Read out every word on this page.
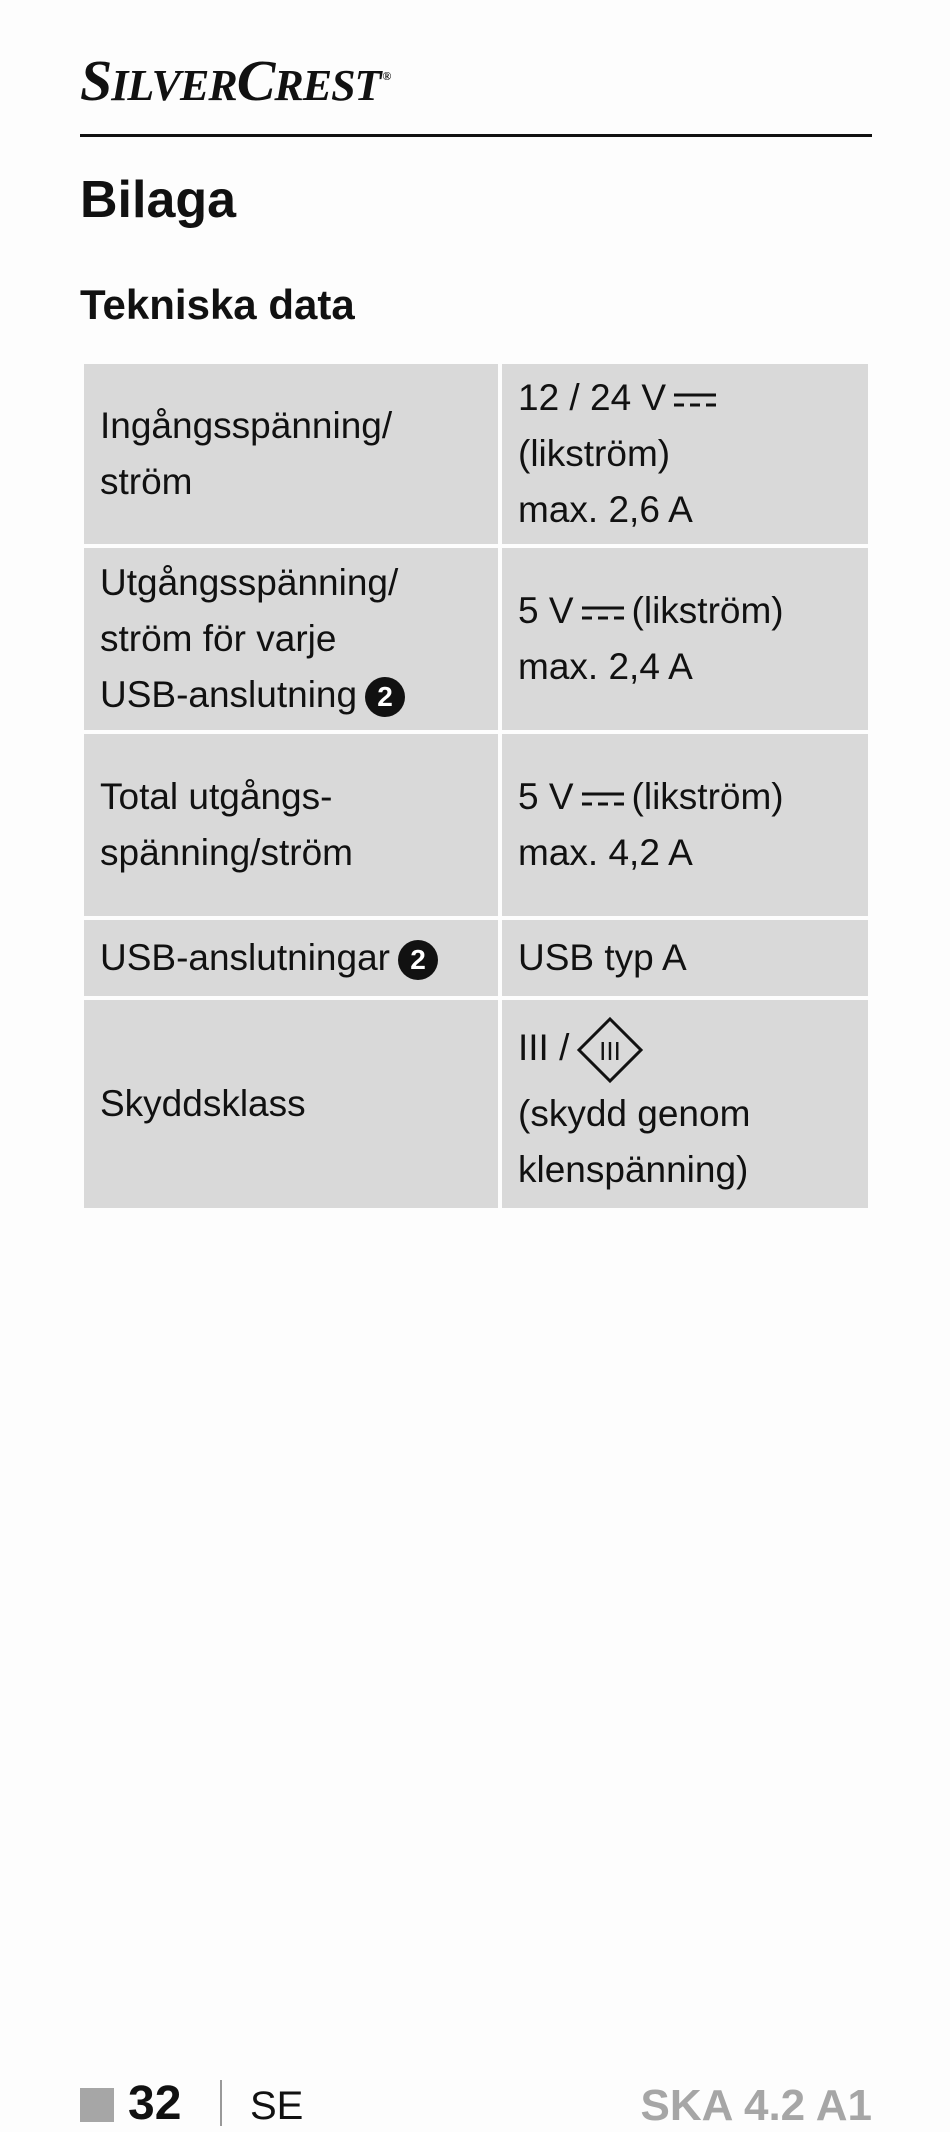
SILVERCREST ®
Bilaga
Tekniska data
Ingångsspänning/
ström	12 / 24 V
(likström)
max. 2,6 A

Utgångsspänning/
ström för varje
USB-anslutning 2	5 V (likström)
max. 2,4 A

Total utgångs-
spänning/ström	5 V (likström)
max. 4,2 A

USB-anslutningar 2	USB typ A

Skyddsklass	III / III
(skydd genom
klenspänning)
32 SE	SKA 4.2 A1
